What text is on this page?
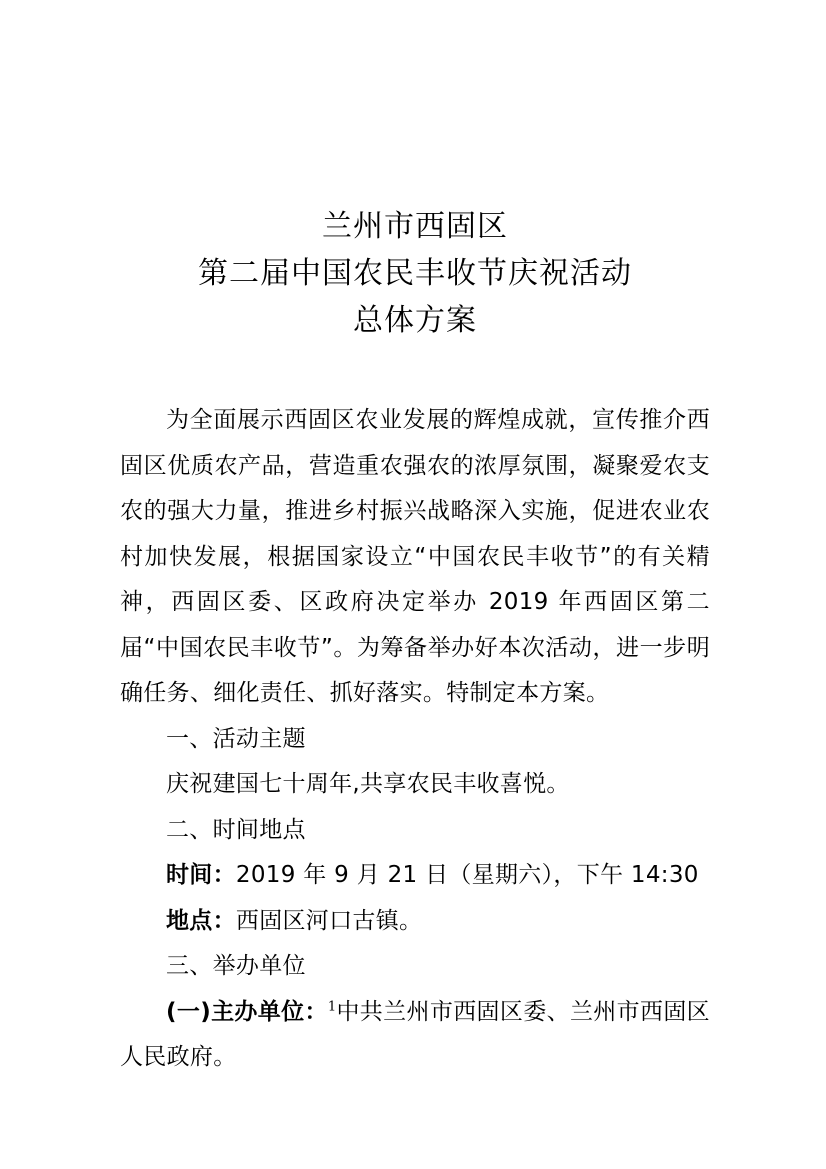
兰州市西固区
第二届中国农民丰收节庆祝活动
总体方案

为全面展示西固区农业发展的辉煌成就，宣传推介西固区优质农产品，营造重农强农的浓厚氛围，凝聚爱农支农的强大力量，推进乡村振兴战略深入实施，促进农业农村加快发展，根据国家设立“中国农民丰收节”的有关精神，西固区委、区政府决定举办 2019 年西固区第二届“中国农民丰收节”。为筹备举办好本次活动，进一步明确任务、细化责任、抓好落实。特制定本方案。

一、活动主题

庆祝建国七十周年,共享农民丰收喜悦。

二、时间地点

时间：2019 年 9 月 21 日（星期六），下午 14:30

地点：西固区河口古镇。

三、举办单位

(一)主办单位：$^1$中共兰州市西固区委、兰州市西固区人民政府。
